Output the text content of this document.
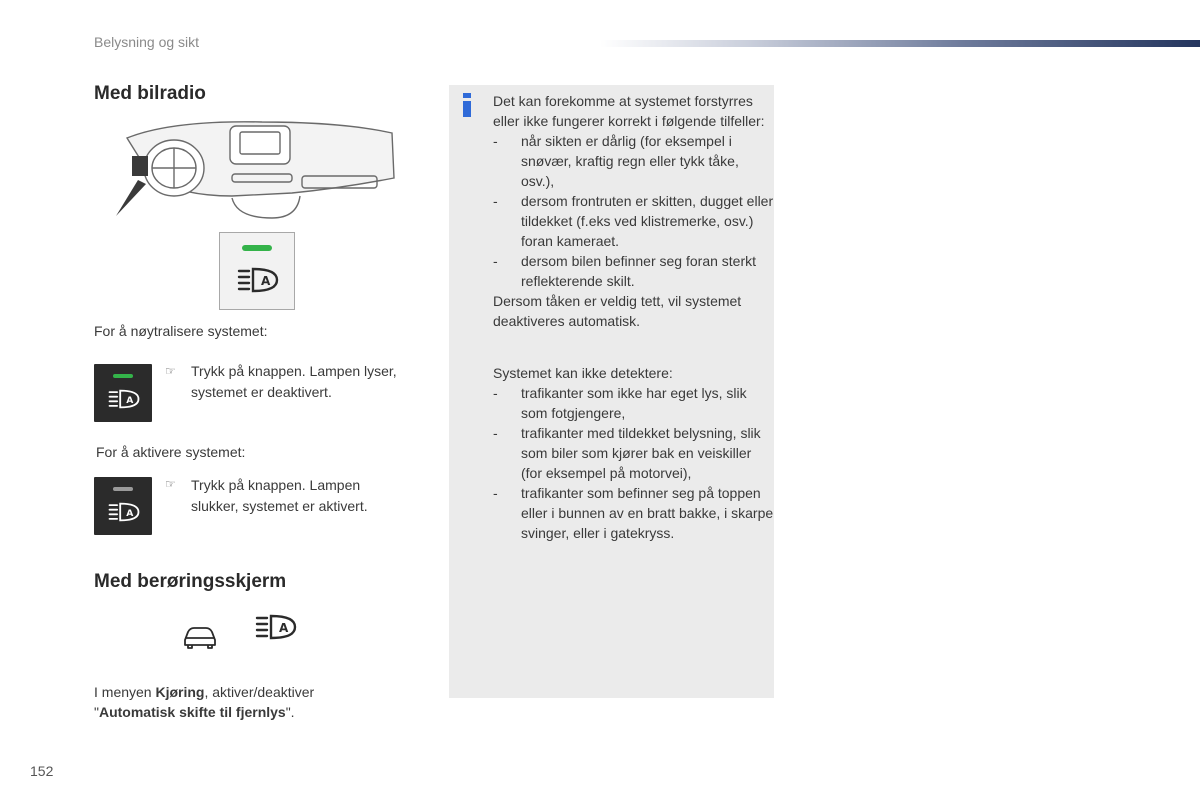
Belysning og sikt
Med bilradio
A
For å nøytralisere systemet:
A
☞ Trykk på knappen. Lampen lyser, systemet er deaktivert.
For å aktivere systemet:
A
☞ Trykk på knappen. Lampen slukker, systemet er aktivert.
Med berøringsskjerm
A
I menyen Kjøring, aktiver/deaktiver
"Automatisk skifte til fjernlys".

Det kan forekomme at systemet forstyrres eller ikke fungerer korrekt i følgende tilfeller:

- når sikten er dårlig (for eksempel i snøvær, kraftig regn eller tykk tåke, osv.),
- dersom frontruten er skitten, dugget eller tildekket (f.eks ved klistremerke, osv.) foran kameraet.
- dersom bilen befinner seg foran sterkt reflekterende skilt.

Dersom tåken er veldig tett, vil systemet deaktiveres automatisk.

Systemet kan ikke detektere:

- trafikanter som ikke har eget lys, slik som fotgjengere,
- trafikanter med tildekket belysning, slik som biler som kjører bak en veiskiller (for eksempel på motorvei),
- trafikanter som befinner seg på toppen eller i bunnen av en bratt bakke, i skarpe svinger, eller i gatekryss.
152
